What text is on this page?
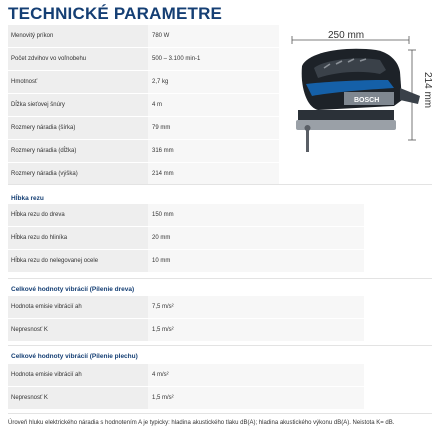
TECHNICKÉ PARAMETRE
Menovitý príkon	780 W
Počet zdvihov vo voľnobehu	500 – 3.100 min-1
Hmotnosť	2,7 kg
Dĺžka sieťovej šnúry	4 m
Rozmery náradia (šírka)	79 mm
Rozmery náradia (dĺžka)	316 mm
Rozmery náradia (výška)	214 mm
250 mm
214 mm
BOSCH
Hĺbka rezu
Hĺbka rezu do dreva	150 mm
Hĺbka rezu do hliníka	20 mm
Hĺbka rezu do nelegovanej ocele	10 mm
Celkové hodnoty vibrácií (Pílenie dreva)
Hodnota emisie vibrácií ah	7,5 m/s²
Nepresnosť K	1,5 m/s²
Celkové hodnoty vibrácií (Pílenie plechu)
Hodnota emisie vibrácií ah	4 m/s²
Nepresnosť K	1,5 m/s²
Úroveň hluku elektrického náradia s hodnotením A je typicky: hladina akustického tlaku dB(A); hladina akustického výkonu dB(A). Neistota K= dB.
